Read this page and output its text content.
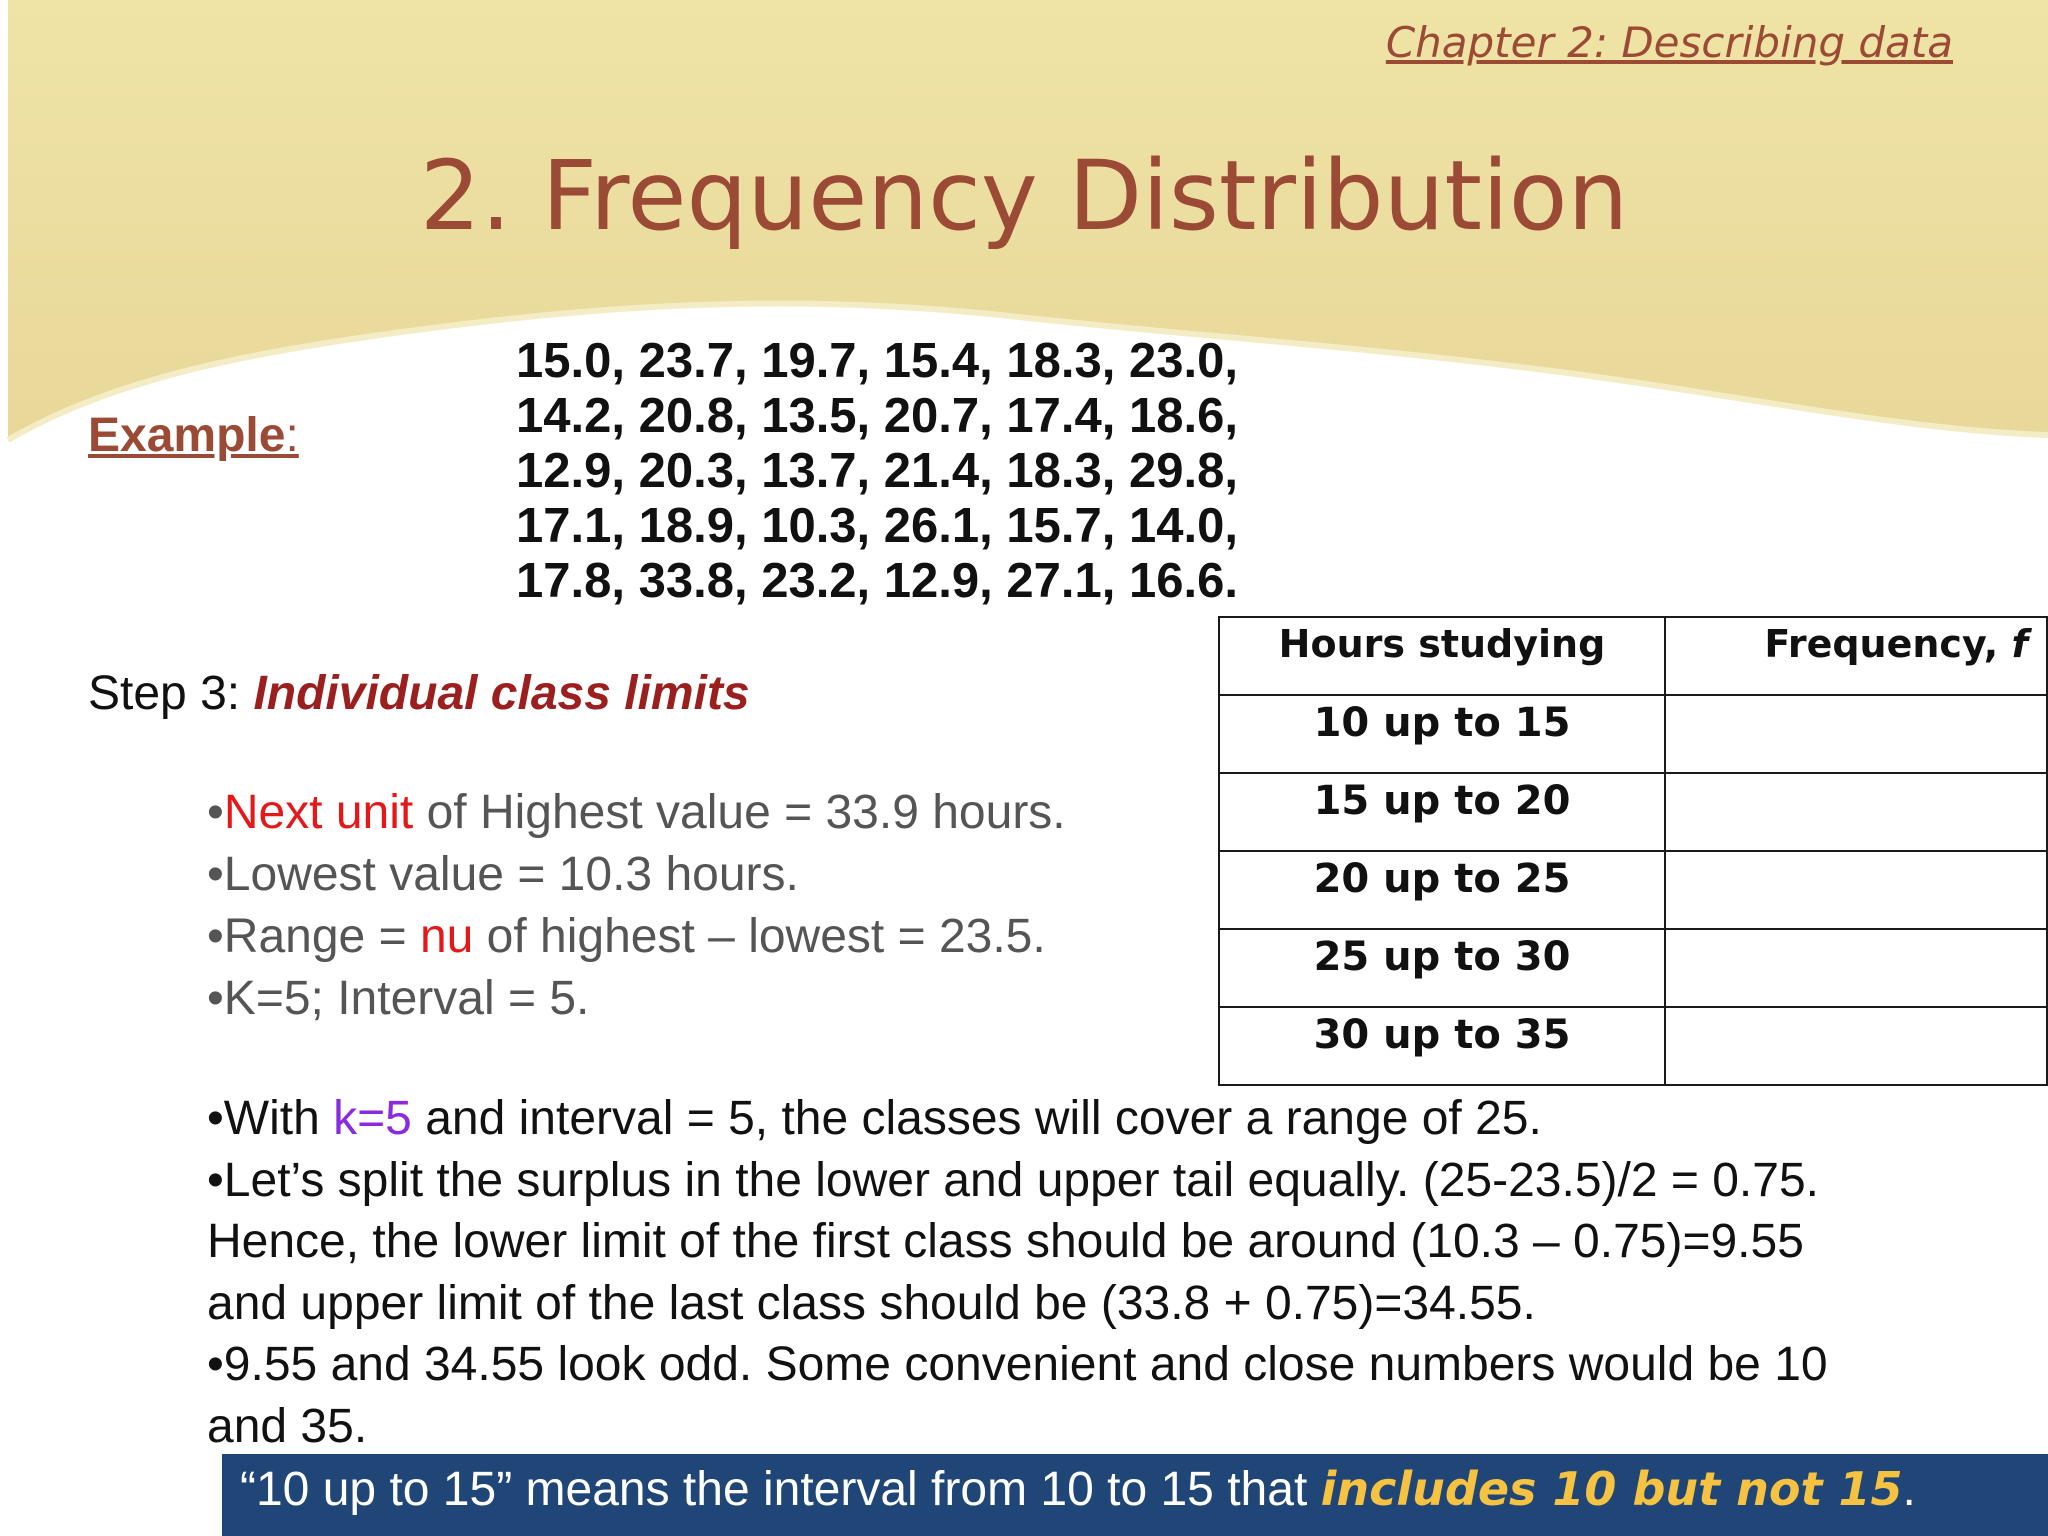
Chapter 2: Describing data
2. Frequency Distribution
Example:
15.0, 23.7, 19.7, 15.4, 18.3, 23.0,
14.2, 20.8, 13.5, 20.7, 17.4, 18.6,
12.9, 20.3, 13.7, 21.4, 18.3, 29.8,
17.1, 18.9, 10.3, 26.1, 15.7, 14.0,
17.8, 33.8, 23.2, 12.9, 27.1, 16.6.
Step 3: Individual class limits
•Next unit of Highest value = 33.9 hours.
•Lowest value = 10.3 hours.
•Range = nu of highest – lowest = 23.5.
•K=5; Interval = 5.
Hours studying	Frequency, f
10 up to 15	
15 up to 20	
20 up to 25	
25 up to 30	
30 up to 35	
•With k=5 and interval = 5, the classes will cover a range of 25.
•Let’s split the surplus in the lower and upper tail equally. (25-23.5)/2 = 0.75.
Hence, the lower limit of the first class should be around (10.3 – 0.75)=9.55
and upper limit of the last class should be (33.8 + 0.75)=34.55.
•9.55 and 34.55 look odd. Some convenient and close numbers would be 10
and 35.
“10 up to 15” means the interval from 10 to 15 that includes 10 but not 15.
